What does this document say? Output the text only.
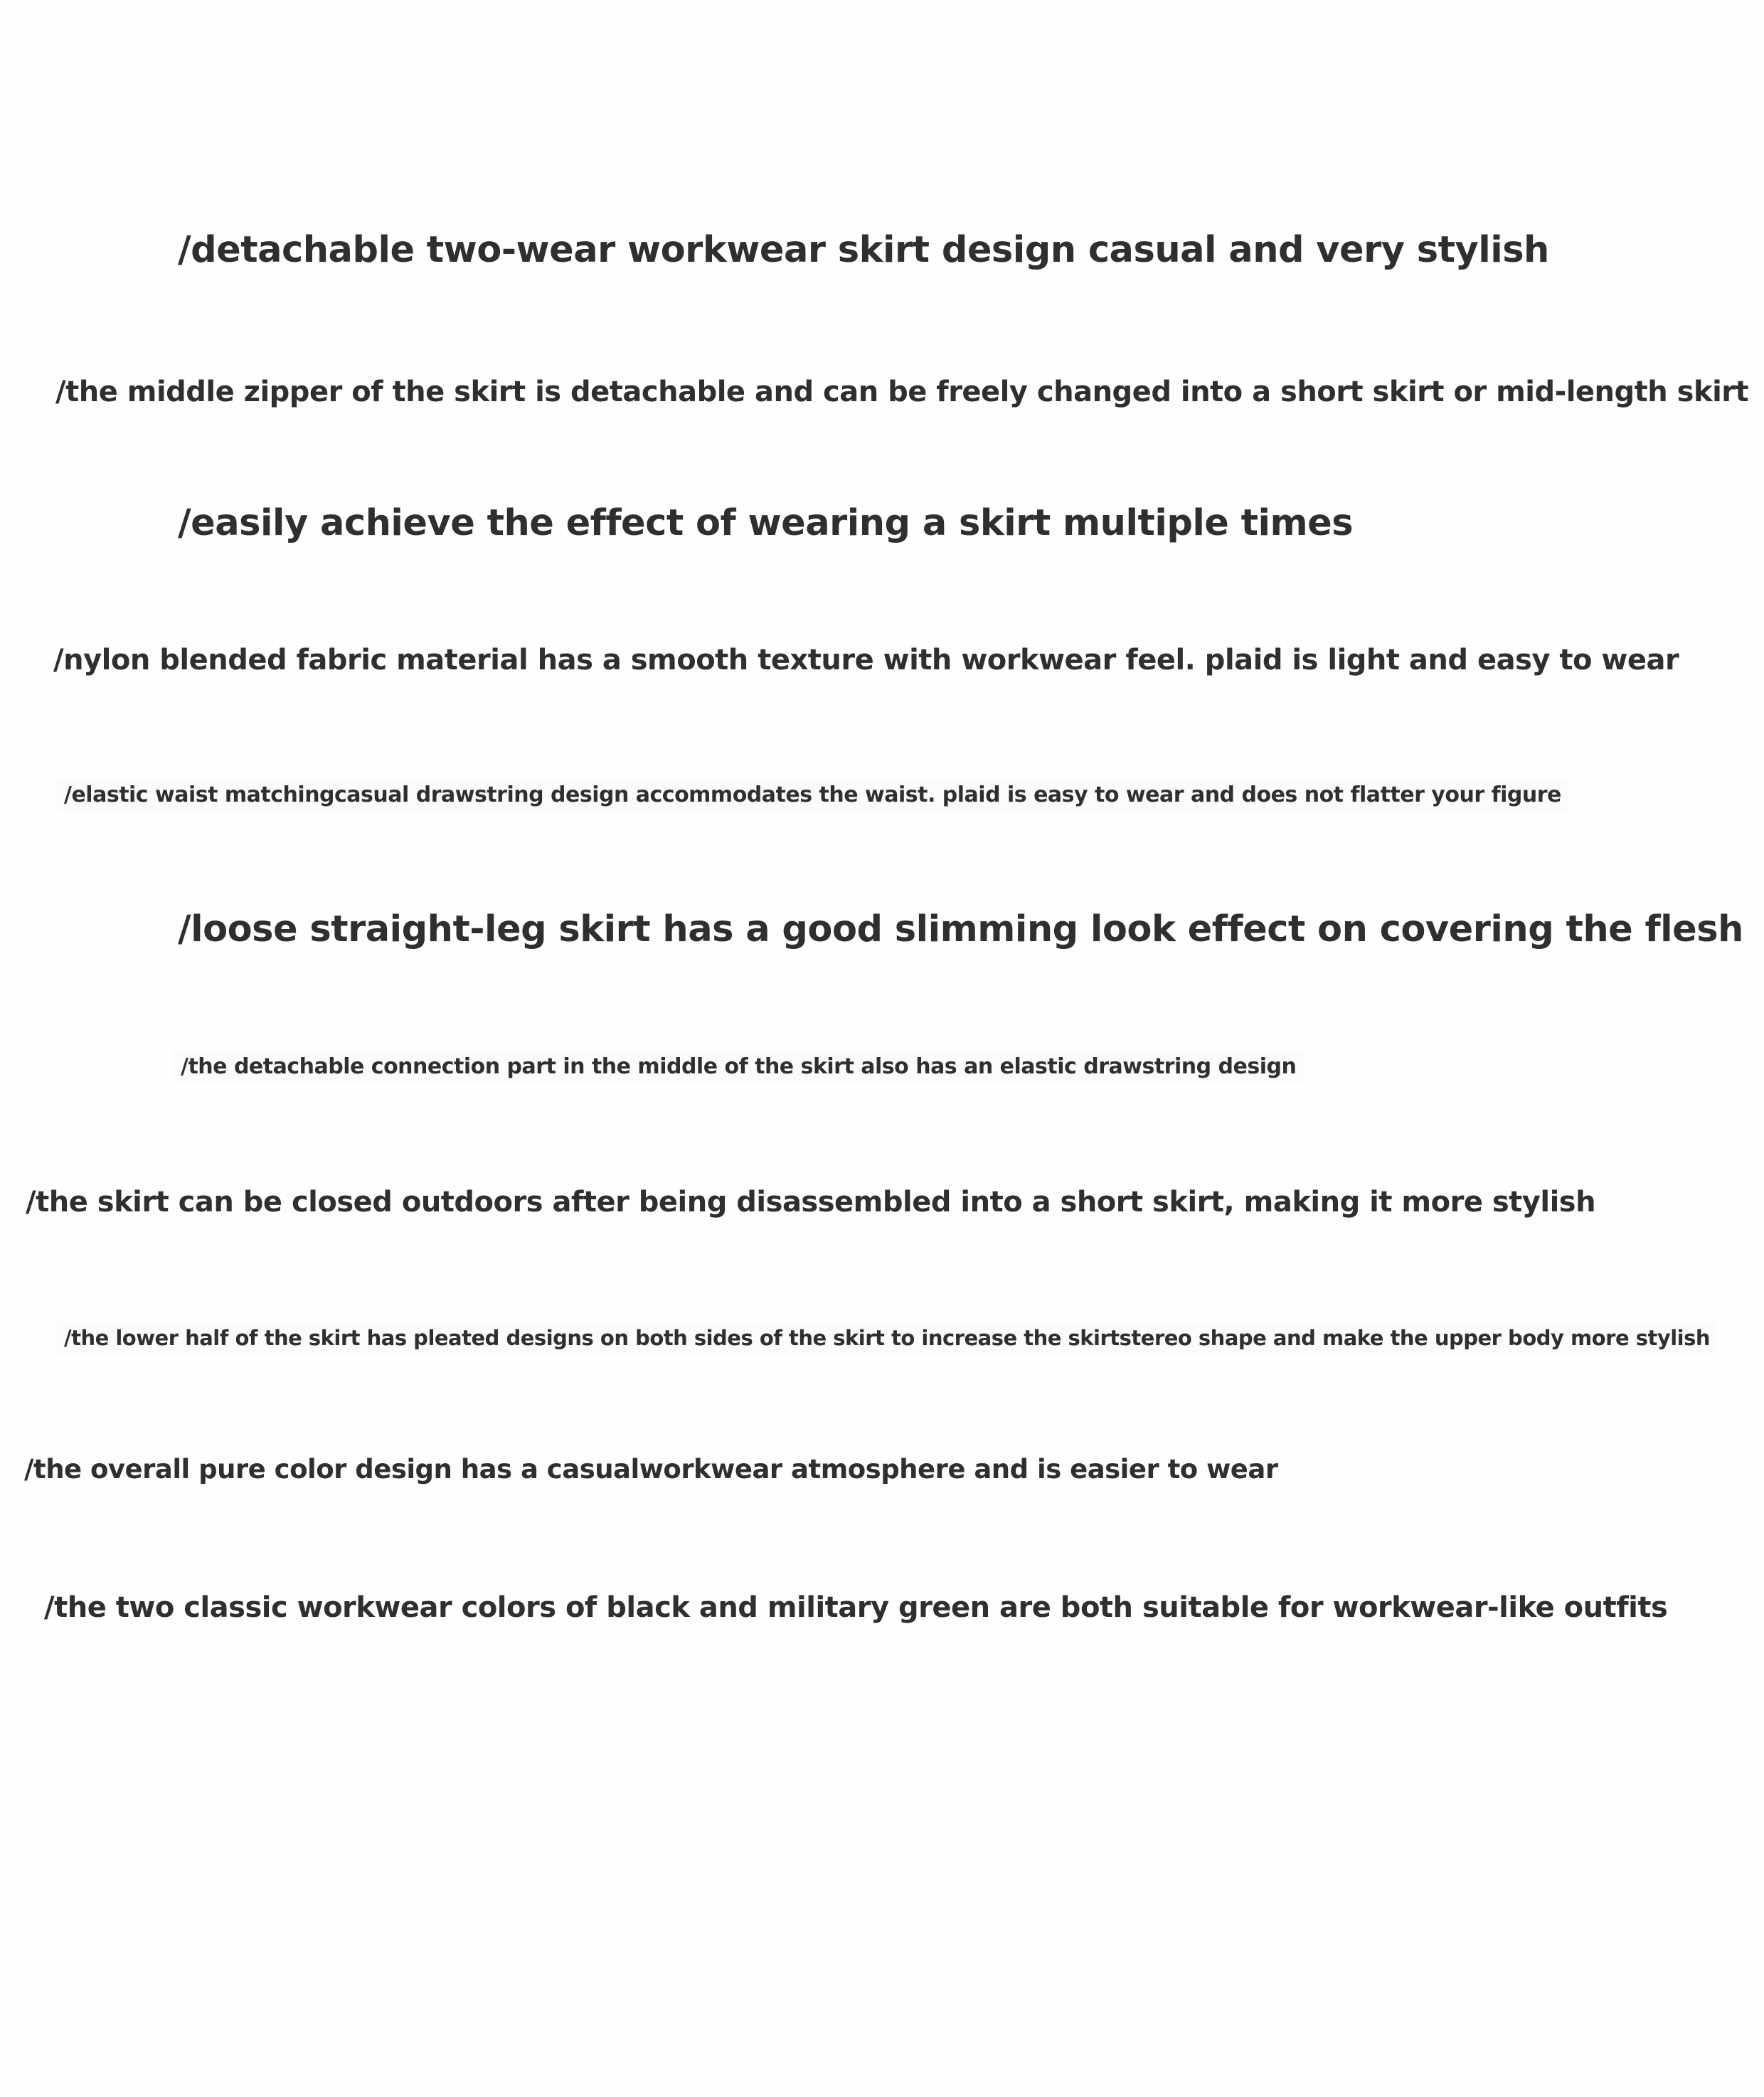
/detachable two-wear workwear skirt design casual and very stylish
/the middle zipper of the skirt is detachable and can be freely changed into a short skirt or mid-length skirt
/easily achieve the effect of wearing a skirt multiple times
/nylon blended fabric material has a smooth texture with workwear feel. plaid is light and easy to wear
/elastic waist matchingcasual drawstring design accommodates the waist. plaid is easy to wear and does not flatter your figure
/loose straight-leg skirt has a good slimming look effect on covering the flesh
/the detachable connection part in the middle of the skirt also has an elastic drawstring design
/the skirt can be closed outdoors after being disassembled into a short skirt, making it more stylish
/the lower half of the skirt has pleated designs on both sides of the skirt to increase the skirtstereo shape and make the upper body more stylish
/the overall pure color design has a casualworkwear atmosphere and is easier to wear
/the two classic workwear colors of black and military green are both suitable for workwear-like outfits
